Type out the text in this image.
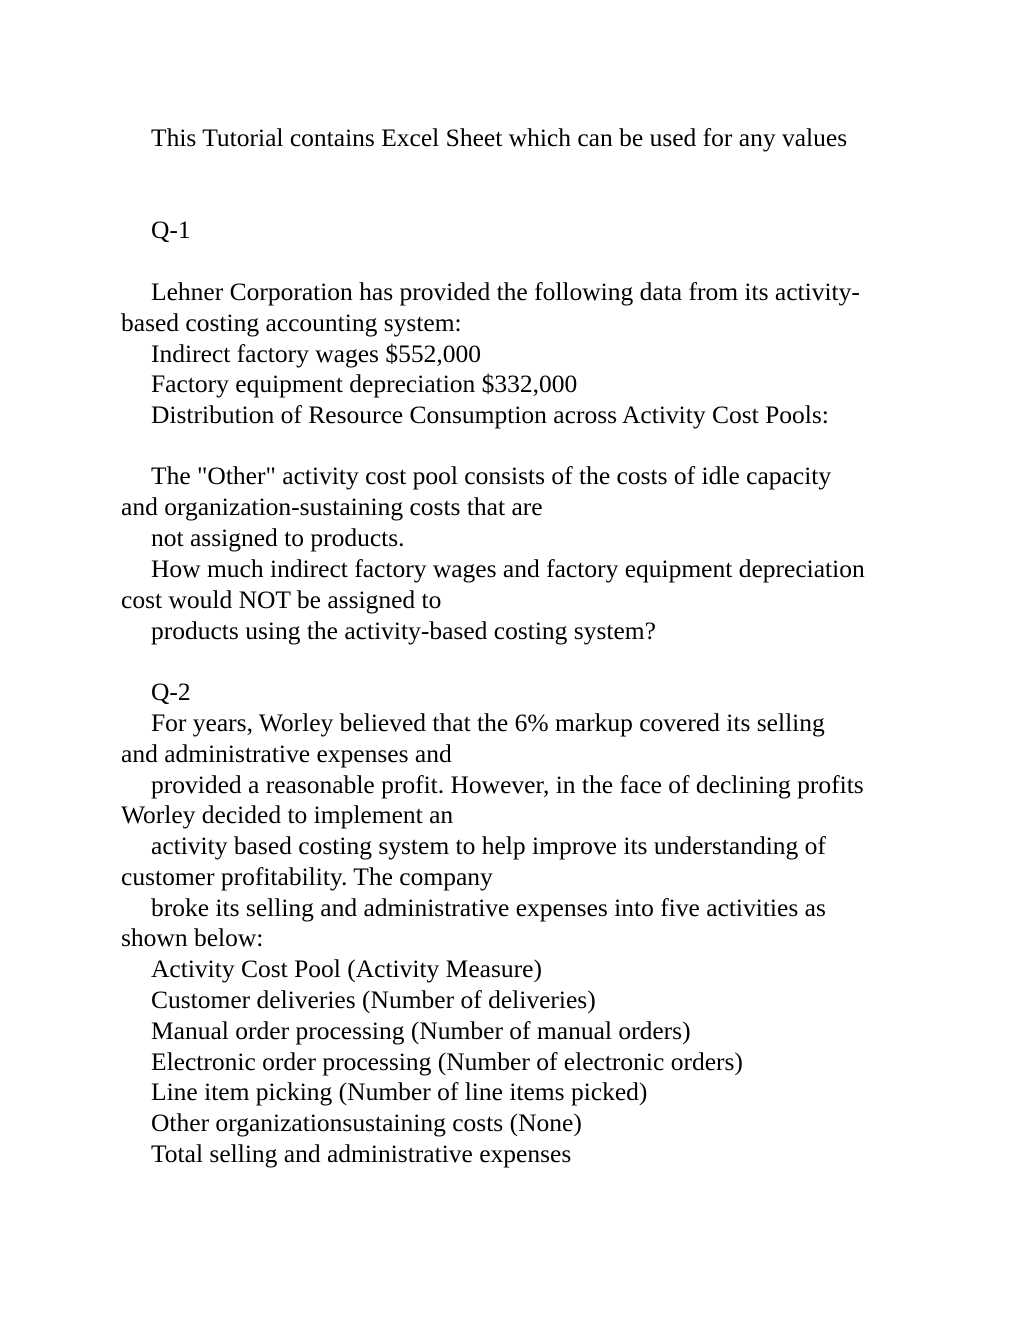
This Tutorial contains Excel Sheet which can be used for any values

Q-1

Lehner Corporation has provided the following data from its activity-

based costing accounting system:

Indirect factory wages $552,000

Factory equipment depreciation $332,000

Distribution of Resource Consumption across Activity Cost Pools:

The "Other" activity cost pool consists of the costs of idle capacity

and organization-sustaining costs that are

not assigned to products.

How much indirect factory wages and factory equipment depreciation

cost would NOT be assigned to

products using the activity-based costing system?

Q-2

For years, Worley believed that the 6% markup covered its selling

and administrative expenses and

provided a reasonable profit. However, in the face of declining profits

Worley decided to implement an

activity based costing system to help improve its understanding of

customer profitability. The company

broke its selling and administrative expenses into five activities as

shown below:

Activity Cost Pool (Activity Measure)

Customer deliveries (Number of deliveries)

Manual order processing (Number of manual orders)

Electronic order processing (Number of electronic orders)

Line item picking (Number of line items picked)

Other organizationsustaining costs (None)

Total selling and administrative expenses
